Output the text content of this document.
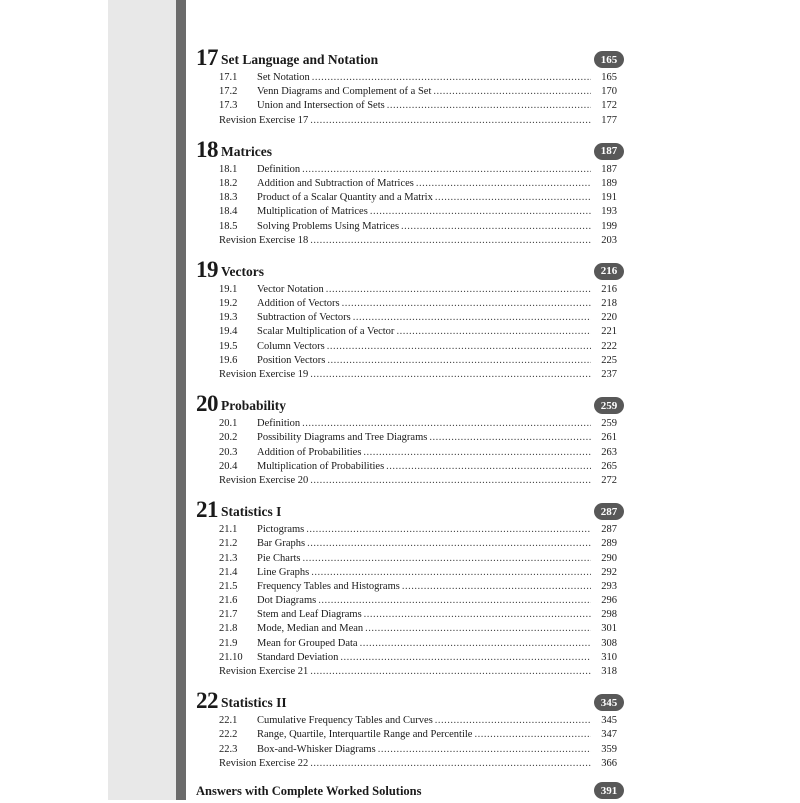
17 Set Language and Notation	165
17.1	Set Notation .....	165
17.2	Venn Diagrams and Complement of a Set .....	170
17.3	Union and Intersection of Sets .....	172
Revision Exercise 17 .....	177
18 Matrices	187
18.1	Definition .....	187
18.2	Addition and Subtraction of Matrices .....	189
18.3	Product of a Scalar Quantity and a Matrix .....	191
18.4	Multiplication of Matrices .....	193
18.5	Solving Problems Using Matrices .....	199
Revision Exercise 18 .....	203
19 Vectors	216
19.1	Vector Notation .....	216
19.2	Addition of Vectors .....	218
19.3	Subtraction of Vectors .....	220
19.4	Scalar Multiplication of a Vector .....	221
19.5	Column Vectors .....	222
19.6	Position Vectors .....	225
Revision Exercise 19 .....	237
20 Probability	259
20.1	Definition .....	259
20.2	Possibility Diagrams and Tree Diagrams .....	261
20.3	Addition of Probabilities .....	263
20.4	Multiplication of Probabilities .....	265
Revision Exercise 20 .....	272
21 Statistics I	287
21.1	Pictograms .....	287
21.2	Bar Graphs .....	289
21.3	Pie Charts .....	290
21.4	Line Graphs .....	292
21.5	Frequency Tables and Histograms .....	293
21.6	Dot Diagrams .....	296
21.7	Stem and Leaf Diagrams .....	298
21.8	Mode, Median and Mean .....	301
21.9	Mean for Grouped Data .....	308
21.10	Standard Deviation .....	310
Revision Exercise 21 .....	318
22 Statistics II	345
22.1	Cumulative Frequency Tables and Curves .....	345
22.2	Range, Quartile, Interquartile Range and Percentile .....	347
22.3	Box-and-Whisker Diagrams .....	359
Revision Exercise 22 .....	366
Answers with Complete Worked Solutions	391
